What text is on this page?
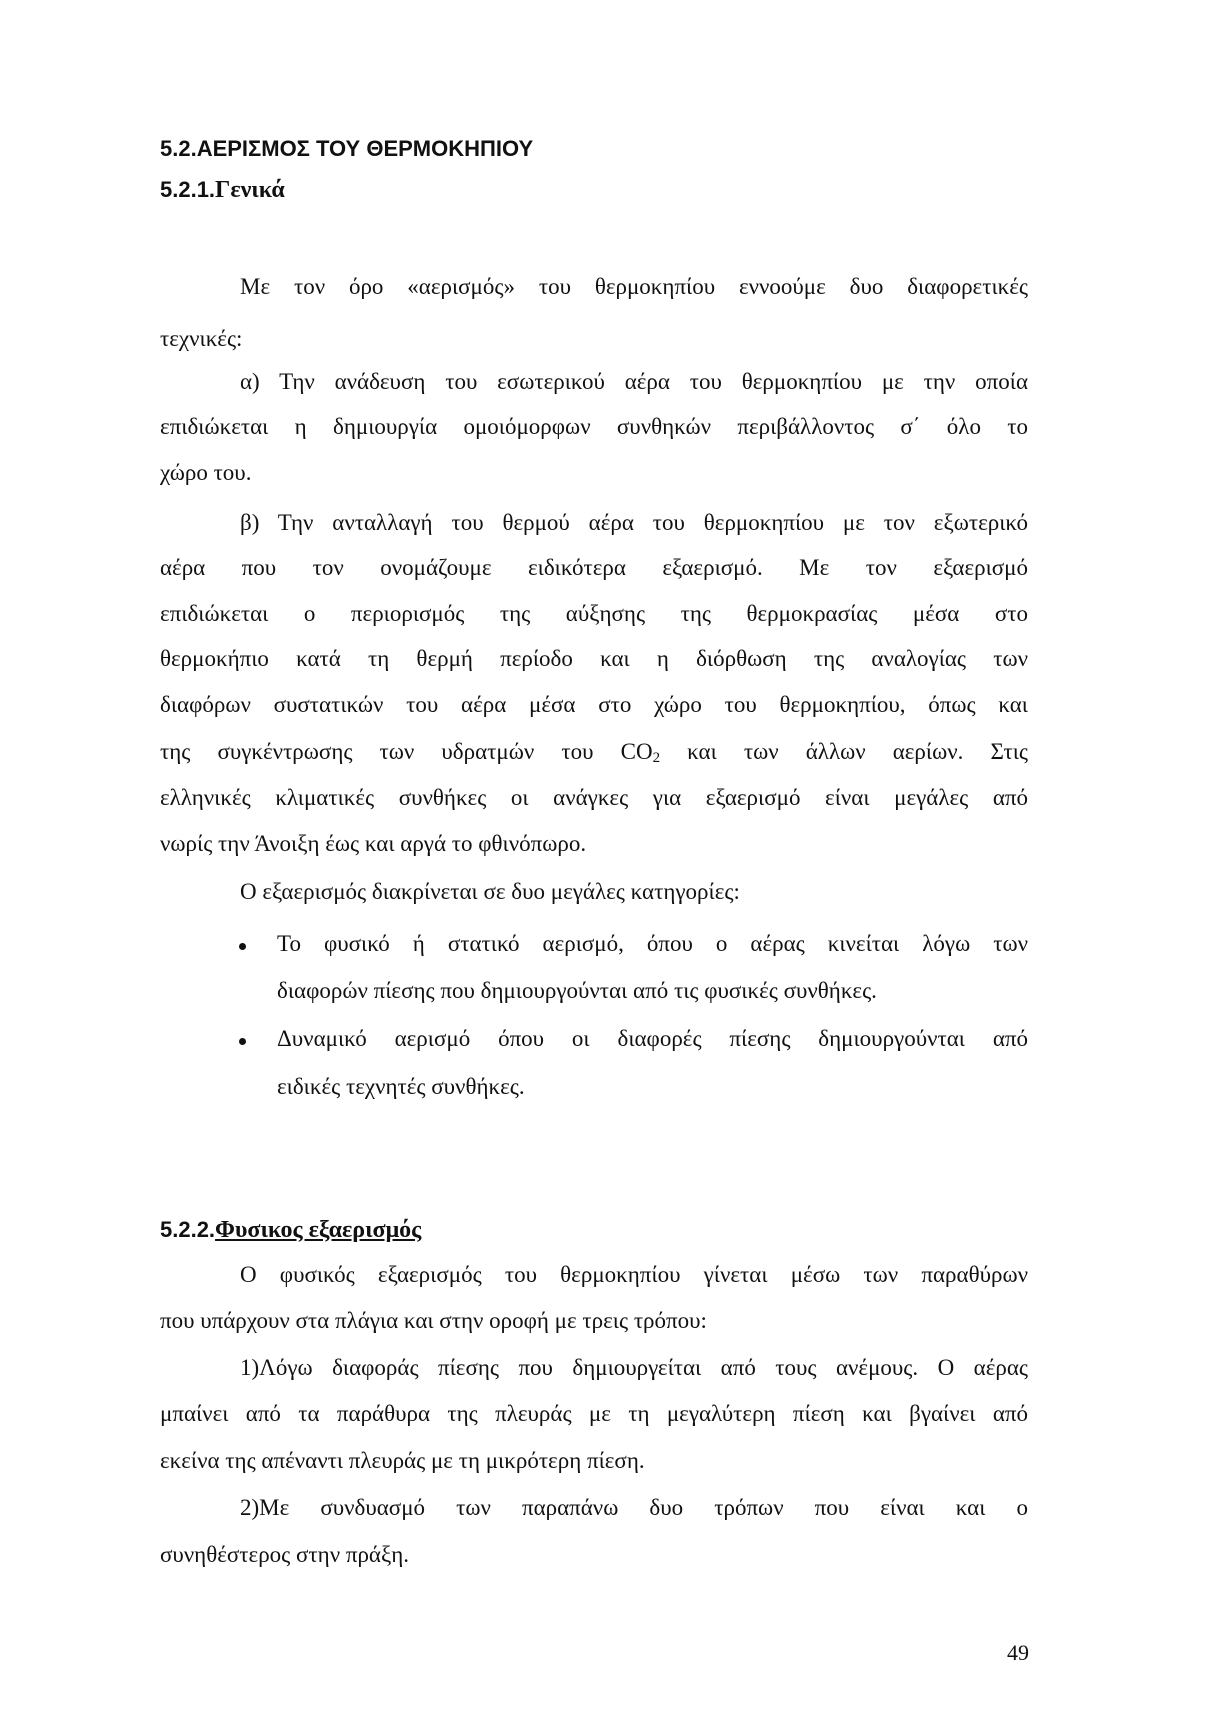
5.2.ΑΕΡΙΣΜΟΣ ΤΟΥ ΘΕΡΜΟΚΗΠΙΟΥ
5.2.1.Γενικά
Με τον όρο «αερισμός» του θερμοκηπίου εννοούμε δυο διαφορετικές
τεχνικές:
α) Την ανάδευση του εσωτερικού αέρα του θερμοκηπίου με την οποία
επιδιώκεται η δημιουργία ομοιόμορφων συνθηκών περιβάλλοντος σ΄ όλο το
χώρο του.
β) Την ανταλλαγή του θερμού αέρα του θερμοκηπίου με τον εξωτερικό
αέρα που τον ονομάζουμε ειδικότερα εξαερισμό. Με τον εξαερισμό
επιδιώκεται ο περιορισμός της αύξησης της θερμοκρασίας μέσα στο
θερμοκήπιο κατά τη θερμή περίοδο και η διόρθωση της αναλογίας των
διαφόρων συστατικών του αέρα μέσα στο χώρο του θερμοκηπίου, όπως και
της συγκέντρωσης των υδρατμών του $CO_2$ και των άλλων αερίων. Στις
ελληνικές κλιματικές συνθήκες οι ανάγκες για εξαερισμό είναι μεγάλες από
νωρίς την Άνοιξη έως και αργά το φθινόπωρο.
Ο εξαερισμός διακρίνεται σε δυο μεγάλες κατηγορίες:
Το φυσικό ή στατικό αερισμό, όπου ο αέρας κινείται λόγω των
διαφορών πίεσης που δημιουργούνται από τις φυσικές συνθήκες.
Δυναμικό αερισμό όπου οι διαφορές πίεσης δημιουργούνται από
ειδικές τεχνητές συνθήκες.
5.2.2.Φυσικος εξαερισμός
Ο φυσικός εξαερισμός του θερμοκηπίου γίνεται μέσω των παραθύρων
που υπάρχουν στα πλάγια και στην οροφή με τρεις τρόπου:
1)Λόγω διαφοράς πίεσης που δημιουργείται από τους ανέμους. Ο αέρας
μπαίνει από τα παράθυρα της πλευράς με τη μεγαλύτερη πίεση και βγαίνει από
εκείνα της απέναντι πλευράς με τη μικρότερη πίεση.
2)Με συνδυασμό των παραπάνω δυο τρόπων που είναι και ο
συνηθέστερος στην πράξη.
49
